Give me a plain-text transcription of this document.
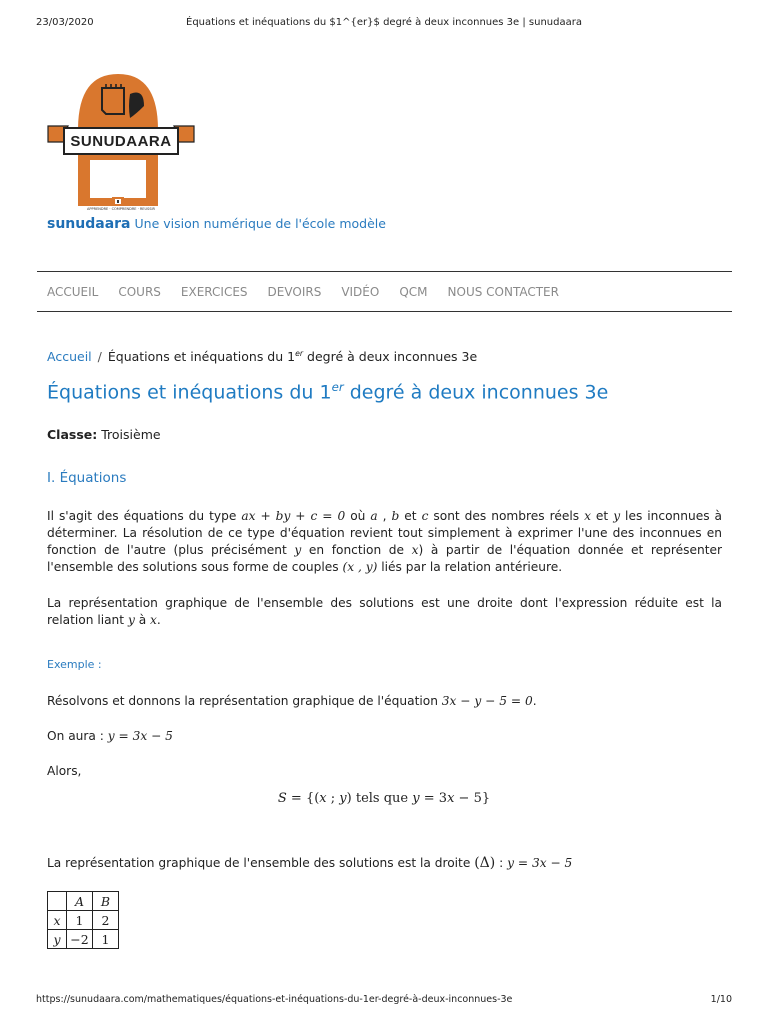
23/03/2020	Équations et inéquations du $1^{er}$ degré à deux inconnues 3e | sunudaara
SUNUDAARA
APPRENDRE · COMPRENDRE · REUSSIR
sunudaara Une vision numérique de l'école modèle
ACCUEIL COURS EXERCICES DEVOIRS VIDÉO QCM NOUS CONTACTER
Accueil / Équations et inéquations du 1er degré à deux inconnues 3e
Équations et inéquations du 1er degré à deux inconnues 3e
Classe: Troisième
I. Équations
Il s'agit des équations du type ax + by + c = 0 où a , b et c sont des nombres réels x et y les inconnues à déterminer. La résolution de ce type d'équation revient tout simplement à exprimer l'une des inconnues en fonction de l'autre (plus précisément y en fonction de x) à partir de l'équation donnée et représenter l'ensemble des solutions sous forme de couples (x , y) liés par la relation antérieure.
La représentation graphique de l'ensemble des solutions est une droite dont l'expression réduite est la relation liant y à x.
Exemple :
Résolvons et donnons la représentation graphique de l'équation 3x − y − 5 = 0.
On aura : y = 3x − 5
Alors,
S = {(x ; y) tels que y = 3x − 5}
La représentation graphique de l'ensemble des solutions est la droite (Δ) : y = 3x − 5
	A	B
x	1	2
y	−2	1
https://sunudaara.com/mathematiques/équations-et-inéquations-du-1er-degré-à-deux-inconnues-3e	1/10
